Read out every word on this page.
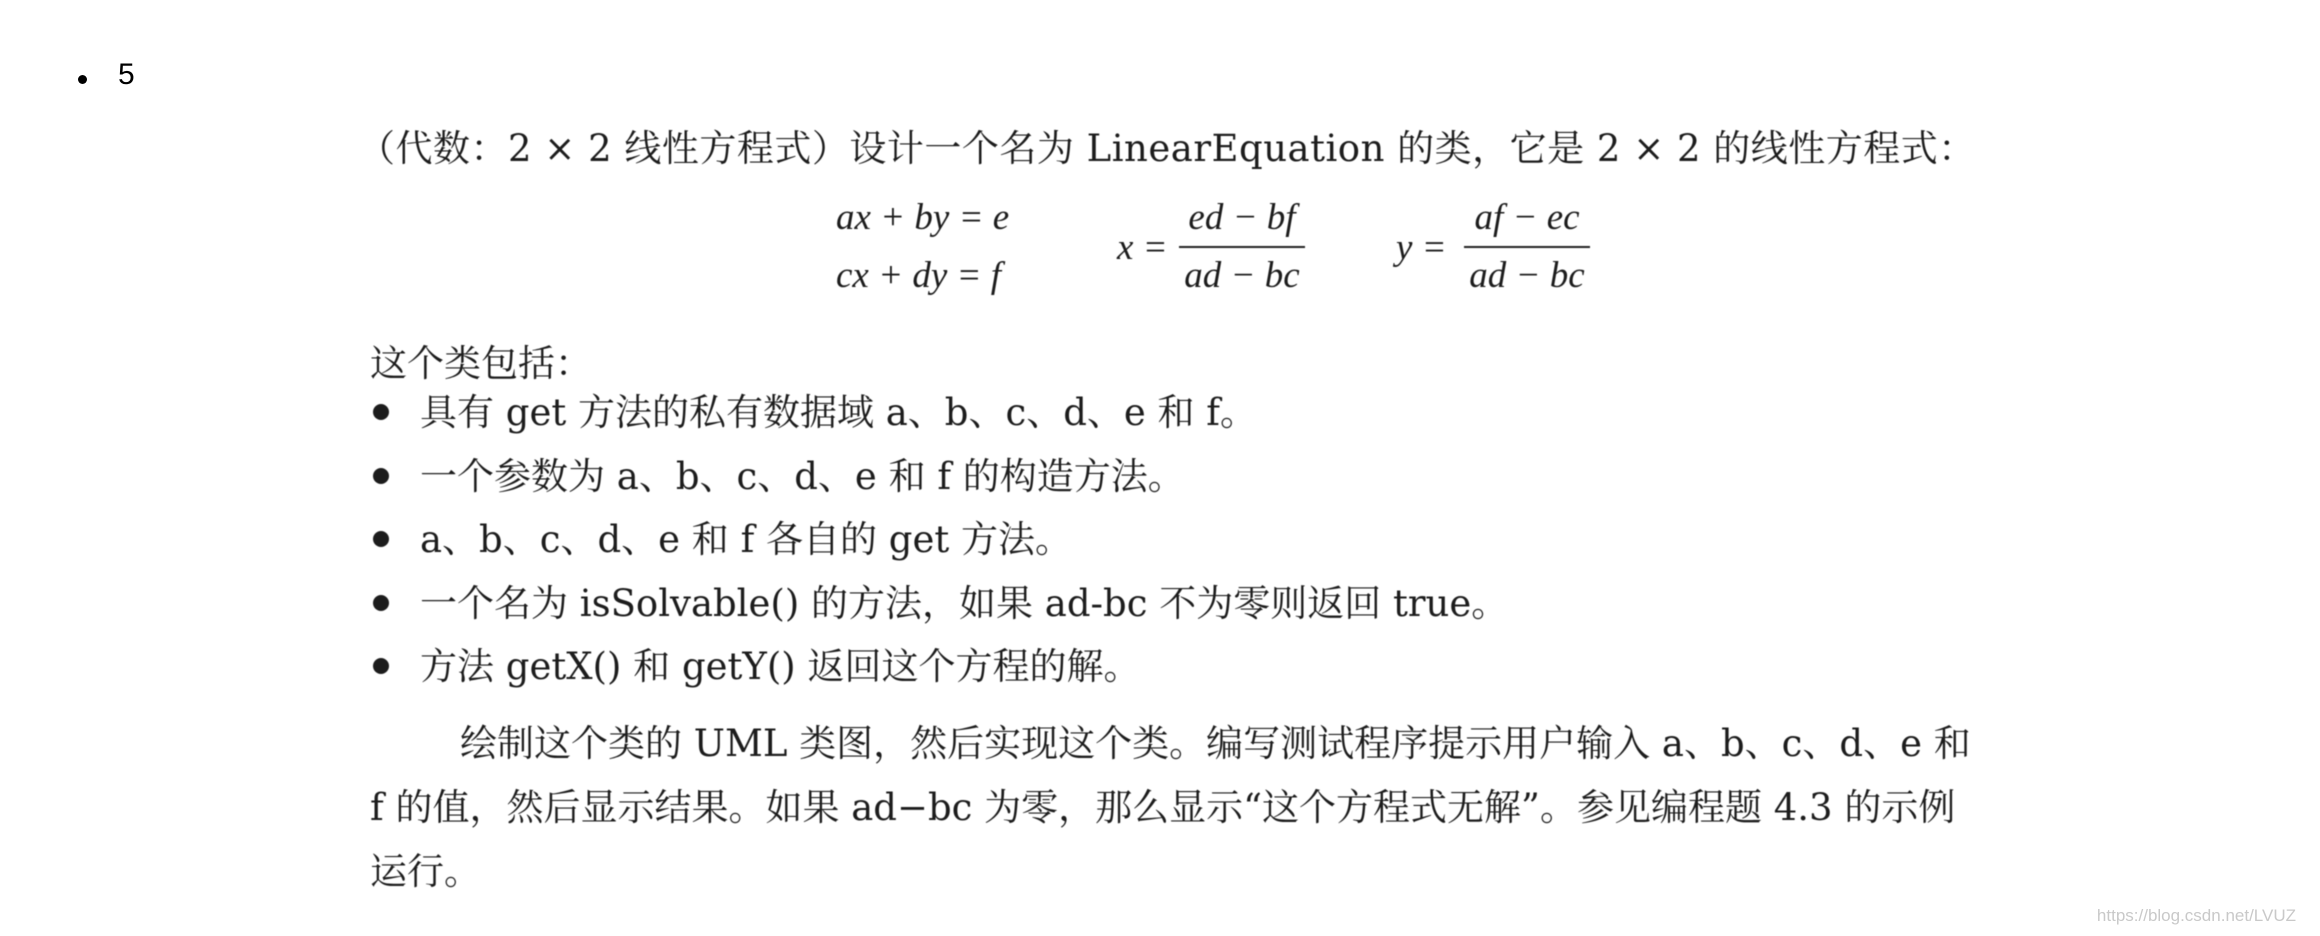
5
（代数：2 × 2 线性方程式）设计一个名为 LinearEquation 的类，它是 2 × 2 的线性方程式：
ax + by = e
cx + dy = f
x =
ed − bf
ad − bc
y =
af − ec
ad − bc
这个类包括：
具有 get 方法的私有数据域 a、b、c、d、e 和 f。
一个参数为 a、b、c、d、e 和 f 的构造方法。
a、b、c、d、e 和 f 各自的 get 方法。
一个名为 isSolvable() 的方法，如果 ad-bc 不为零则返回 true。
方法 getX() 和 getY() 返回这个方程的解。
绘制这个类的 UML 类图，然后实现这个类。编写测试程序提示用户输入 a、b、c、d、e 和
f 的值，然后显示结果。如果 ad−bc 为零，那么显示“这个方程式无解”。参见编程题 4.3 的示例
运行。
https://blog.csdn.net/LVUZ
